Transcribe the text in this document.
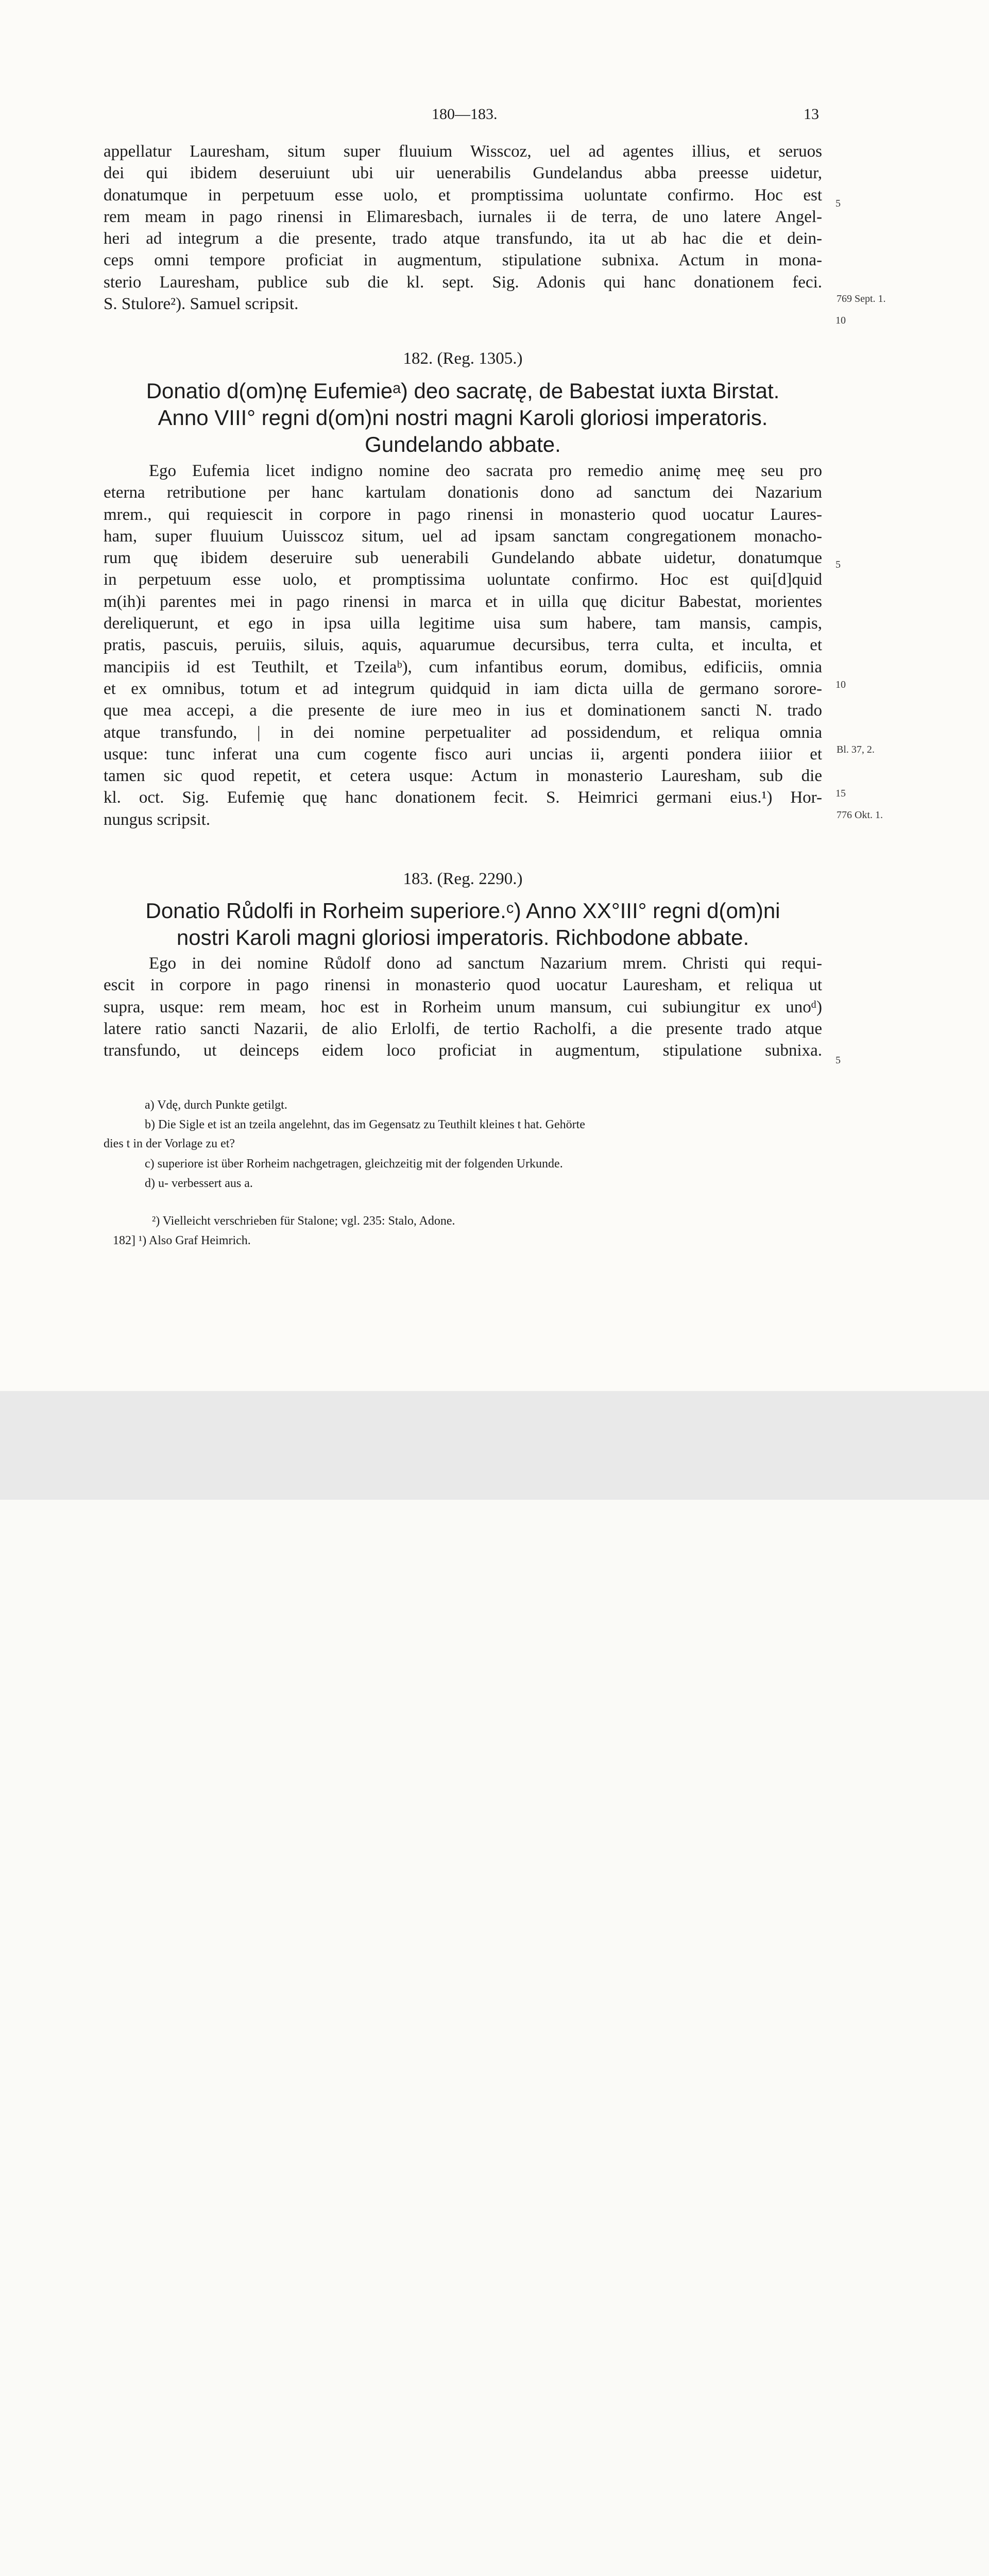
180—183.	13
appellatur Lauresham, situm super fluuium Wisscoz, uel ad agentes illius, et seruos
dei qui ibidem deseruiunt ubi uir uenerabilis Gundelandus abba preesse uidetur,
donatumque in perpetuum esse uolo, et promptissima uoluntate confirmo. Hoc est
rem meam in pago rinensi in Elimaresbach, iurnales ii de terra, de uno latere Angel-
heri ad integrum a die presente, trado atque transfundo, ita ut ab hac die et dein-
ceps omni tempore proficiat in augmentum, stipulatione subnixa. Actum in mona-
sterio Lauresham, publice sub die kl. sept. Sig. Adonis qui hanc donationem feci.
S. Stulore²). Samuel scripsit.
5
769 Sept. 1.
10
182. (Reg. 1305.)
Donatio d(om)nę Eufemieᵃ) deo sacratę, de Babestat iuxta Birstat.
Anno VIII° regni d(om)ni nostri magni Karoli gloriosi imperatoris.
Gundelando abbate.
Ego Eufemia licet indigno nomine deo sacrata pro remedio animę meę seu pro
eterna retributione per hanc kartulam donationis dono ad sanctum dei Nazarium
mrem., qui requiescit in corpore in pago rinensi in monasterio quod uocatur Laures-
ham, super fluuium Uuisscoz situm, uel ad ipsam sanctam congregationem monacho-
rum quę ibidem deseruire sub uenerabili Gundelando abbate uidetur, donatumque
in perpetuum esse uolo, et promptissima uoluntate confirmo. Hoc est qui[d]quid
m(ih)i parentes mei in pago rinensi in marca et in uilla quę dicitur Babestat, morientes
dereliquerunt, et ego in ipsa uilla legitime uisa sum habere, tam mansis, campis,
pratis, pascuis, peruiis, siluis, aquis, aquarumue decursibus, terra culta, et inculta, et
mancipiis id est Teuthilt, et Tzeilaᵇ), cum infantibus eorum, domibus, edificiis, omnia
et ex omnibus, totum et ad integrum quidquid in iam dicta uilla de germano sorore-
que mea accepi, a die presente de iure meo in ius et dominationem sancti N. trado
atque transfundo, | in dei nomine perpetualiter ad possidendum, et reliqua omnia
usque: tunc inferat una cum cogente fisco auri uncias ii, argenti pondera iiiior et
tamen sic quod repetit, et cetera usque: Actum in monasterio Lauresham, sub die
kl. oct. Sig. Eufemię quę hanc donationem fecit. S. Heimrici germani eius.¹) Hor-
nungus scripsit.
5
10
Bl. 37, 2.
15
776 Okt. 1.
183. (Reg. 2290.)
Donatio Růdolfi in Rorheim superiore.ᶜ) Anno XX°III° regni d(om)ni
nostri Karoli magni gloriosi imperatoris. Richbodone abbate.
Ego in dei nomine Růdolf dono ad sanctum Nazarium mrem. Christi qui requi-
escit in corpore in pago rinensi in monasterio quod uocatur Lauresham, et reliqua ut
supra, usque: rem meam, hoc est in Rorheim unum mansum, cui subiungitur ex unoᵈ)
latere ratio sancti Nazarii, de alio Erlolfi, de tertio Racholfi, a die presente trado atque
transfundo, ut deinceps eidem loco proficiat in augmentum, stipulatione subnixa.
5
a) Vdę, durch Punkte getilgt.
b) Die Sigle et ist an tzeila angelehnt, das im Gegensatz zu Teuthilt kleines t hat. Gehörte
dies t in der Vorlage zu et?
c) superiore ist über Rorheim nachgetragen, gleichzeitig mit der folgenden Urkunde.
d) u- verbessert aus a.
²) Vielleicht verschrieben für Stalone; vgl. 235: Stalo, Adone.
182] ¹) Also Graf Heimrich.
